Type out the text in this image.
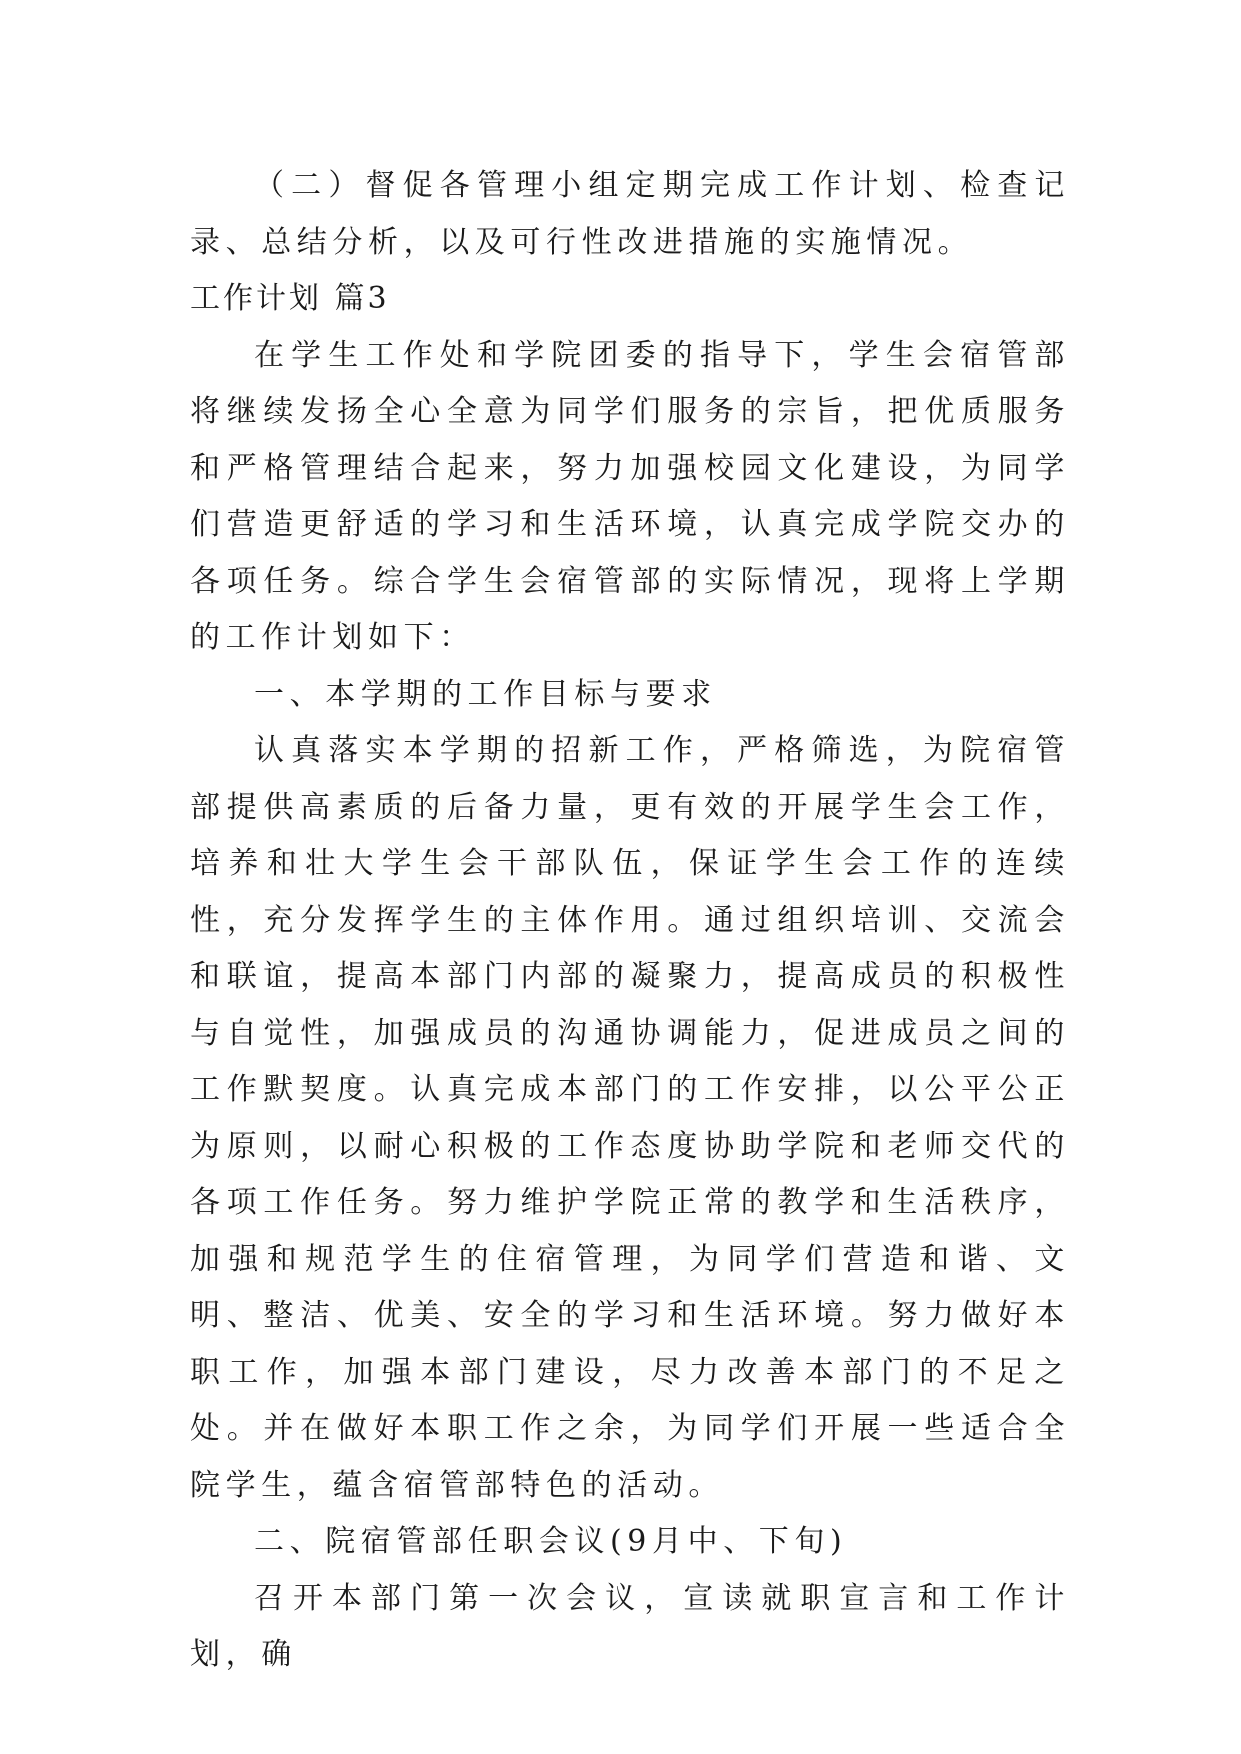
（二）督促各管理小组定期完成工作计划、检查记录、总结分析，以及可行性改进措施的实施情况。

工作计划 篇3

在学生工作处和学院团委的指导下，学生会宿管部将继续发扬全心全意为同学们服务的宗旨，把优质服务和严格管理结合起来，努力加强校园文化建设，为同学们营造更舒适的学习和生活环境，认真完成学院交办的各项任务。综合学生会宿管部的实际情况，现将上学期的工作计划如下：

一、本学期的工作目标与要求

认真落实本学期的招新工作，严格筛选，为院宿管部提供高素质的后备力量，更有效的开展学生会工作，培养和壮大学生会干部队伍，保证学生会工作的连续性，充分发挥学生的主体作用。通过组织培训、交流会和联谊，提高本部门内部的凝聚力，提高成员的积极性与自觉性，加强成员的沟通协调能力，促进成员之间的工作默契度。认真完成本部门的工作安排，以公平公正为原则，以耐心积极的工作态度协助学院和老师交代的各项工作任务。努力维护学院正常的教学和生活秩序，加强和规范学生的住宿管理，为同学们营造和谐、文明、整洁、优美、安全的学习和生活环境。努力做好本职工作，加强本部门建设，尽力改善本部门的不足之处。并在做好本职工作之余，为同学们开展一些适合全院学生，蕴含宿管部特色的活动。

二、院宿管部任职会议(9月中、下旬)

召开本部门第一次会议，宣读就职宣言和工作计划，确
